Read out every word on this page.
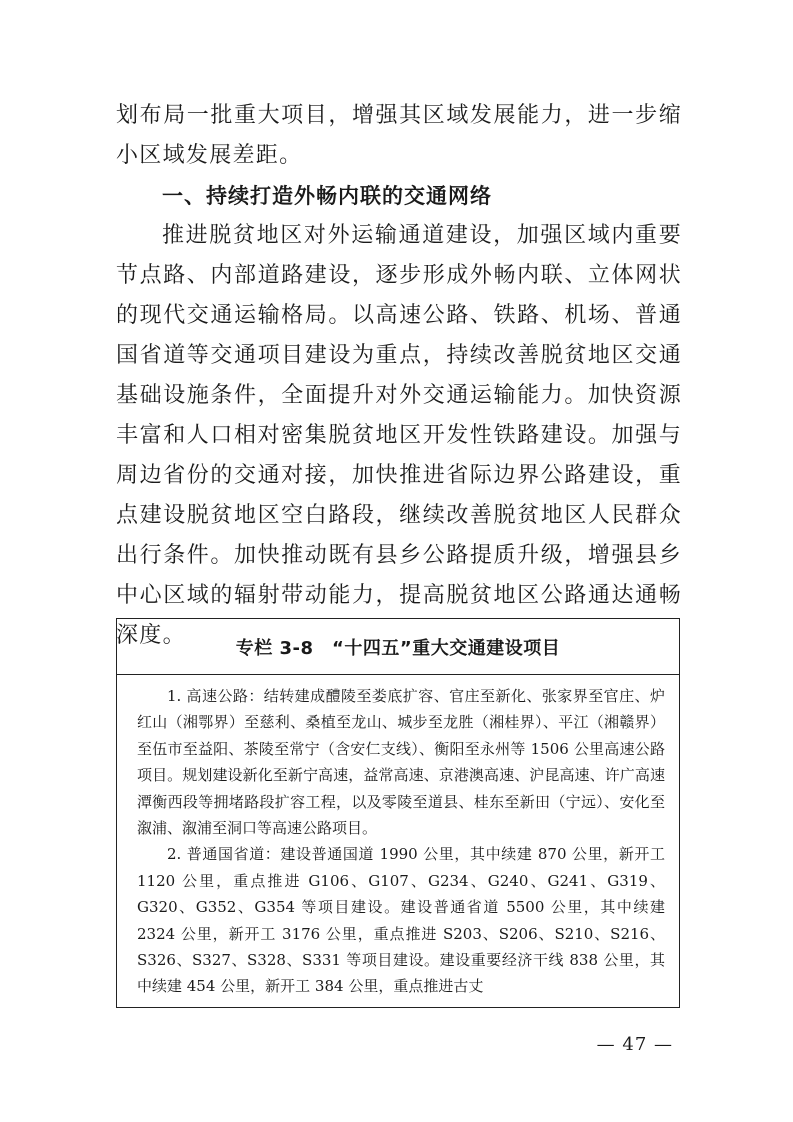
划布局一批重大项目，增强其区域发展能力，进一步缩小区域发展差距。

一、持续打造外畅内联的交通网络

推进脱贫地区对外运输通道建设，加强区域内重要节点路、内部道路建设，逐步形成外畅内联、立体网状的现代交通运输格局。以高速公路、铁路、机场、普通国省道等交通项目建设为重点，持续改善脱贫地区交通基础设施条件，全面提升对外交通运输能力。加快资源丰富和人口相对密集脱贫地区开发性铁路建设。加强与周边省份的交通对接，加快推进省际边界公路建设，重点建设脱贫地区空白路段，继续改善脱贫地区人民群众出行条件。加快推动既有县乡公路提质升级，增强县乡中心区域的辐射带动能力，提高脱贫地区公路通达通畅深度。	专栏 3-8　“十四五”重大交通建设项目

1. 高速公路：结转建成醴陵至娄底扩容、官庄至新化、张家界至官庄、炉红山（湘鄂界）至慈利、桑植至龙山、城步至龙胜（湘桂界）、平江（湘赣界）至伍市至益阳、茶陵至常宁（含安仁支线）、衡阳至永州等 1506 公里高速公路项目。规划建设新化至新宁高速，益常高速、京港澳高速、沪昆高速、许广高速潭衡西段等拥堵路段扩容工程，以及零陵至道县、桂东至新田（宁远）、安化至溆浦、溆浦至洞口等高速公路项目。

2. 普通国省道：建设普通国道 1990 公里，其中续建 870 公里，新开工 1120 公里，重点推进 G106、G107、G234、G240、G241、G319、G320、G352、G354 等项目建设。建设普通省道 5500 公里，其中续建 2324 公里，新开工 3176 公里，重点推进 S203、S206、S210、S216、S326、S327、S328、S331 等项目建设。建设重要经济干线 838 公里，其中续建 454 公里，新开工 384 公里，重点推进古丈

— 47 —
